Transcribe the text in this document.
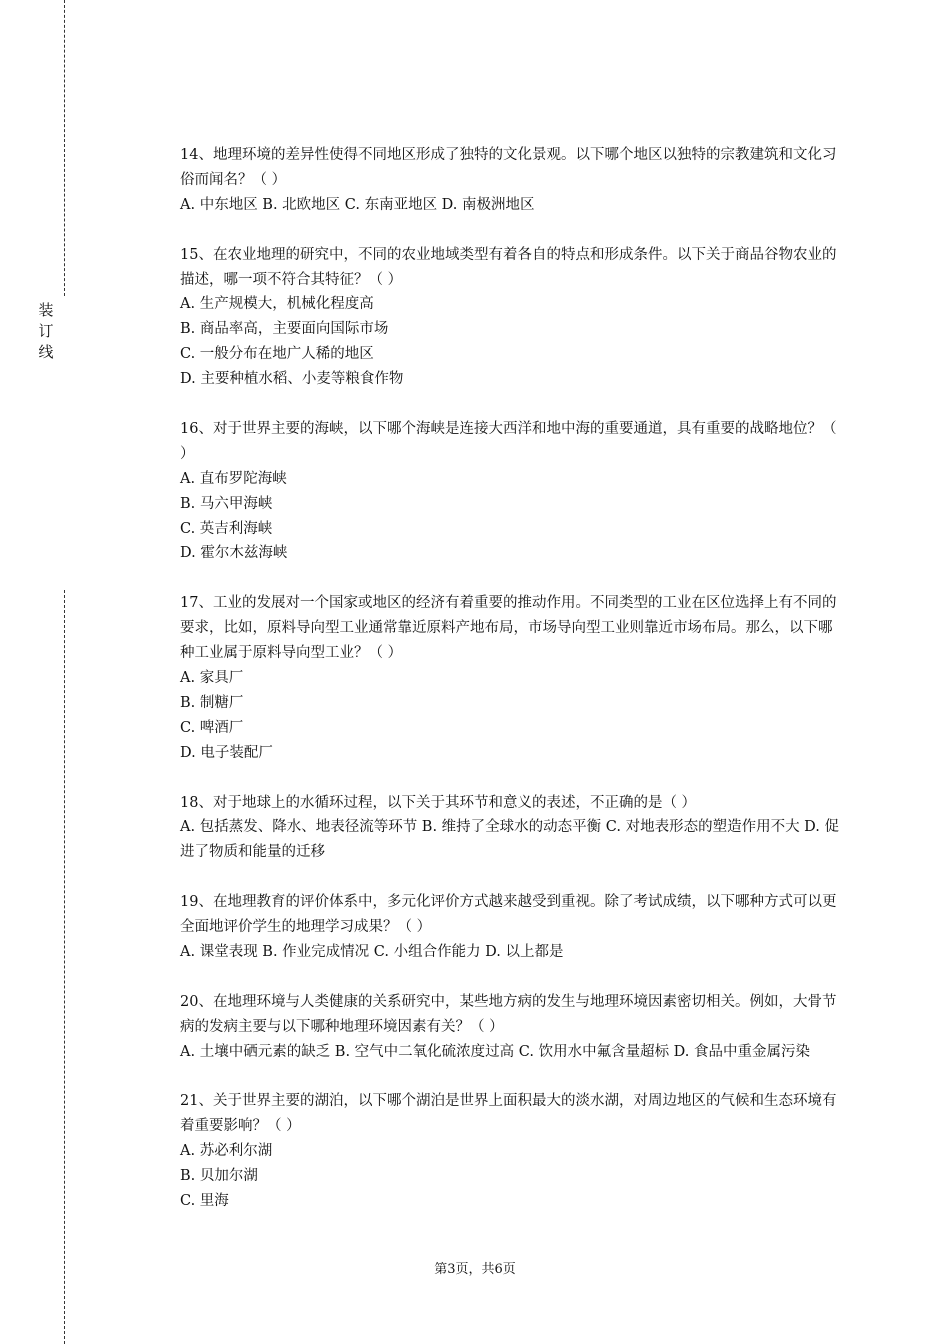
装
订
线

14、地理环境的差异性使得不同地区形成了独特的文化景观。以下哪个地区以独特的宗教建筑和文化习俗而闻名？（ ）

A. 中东地区 B. 北欧地区 C. 东南亚地区 D. 南极洲地区

15、在农业地理的研究中，不同的农业地域类型有着各自的特点和形成条件。以下关于商品谷物农业的描述，哪一项不符合其特征？（ ）

A. 生产规模大，机械化程度高

B. 商品率高，主要面向国际市场

C. 一般分布在地广人稀的地区

D. 主要种植水稻、小麦等粮食作物

16、对于世界主要的海峡，以下哪个海峡是连接大西洋和地中海的重要通道，具有重要的战略地位？（ ）

A. 直布罗陀海峡

B. 马六甲海峡

C. 英吉利海峡

D. 霍尔木兹海峡

17、工业的发展对一个国家或地区的经济有着重要的推动作用。不同类型的工业在区位选择上有不同的要求，比如，原料导向型工业通常靠近原料产地布局，市场导向型工业则靠近市场布局。那么，以下哪种工业属于原料导向型工业？（ ）

A. 家具厂

B. 制糖厂

C. 啤酒厂

D. 电子装配厂

18、对于地球上的水循环过程，以下关于其环节和意义的表述，不正确的是（ ）

A. 包括蒸发、降水、地表径流等环节 B. 维持了全球水的动态平衡 C. 对地表形态的塑造作用不大 D. 促进了物质和能量的迁移

19、在地理教育的评价体系中，多元化评价方式越来越受到重视。除了考试成绩，以下哪种方式可以更全面地评价学生的地理学习成果？（ ）

A. 课堂表现 B. 作业完成情况 C. 小组合作能力 D. 以上都是

20、在地理环境与人类健康的关系研究中，某些地方病的发生与地理环境因素密切相关。例如，大骨节病的发病主要与以下哪种地理环境因素有关？（ ）

A. 土壤中硒元素的缺乏 B. 空气中二氧化硫浓度过高 C. 饮用水中氟含量超标 D. 食品中重金属污染

21、关于世界主要的湖泊，以下哪个湖泊是世界上面积最大的淡水湖，对周边地区的气候和生态环境有着重要影响？（ ）

A. 苏必利尔湖

B. 贝加尔湖

C. 里海

第3页，共6页
